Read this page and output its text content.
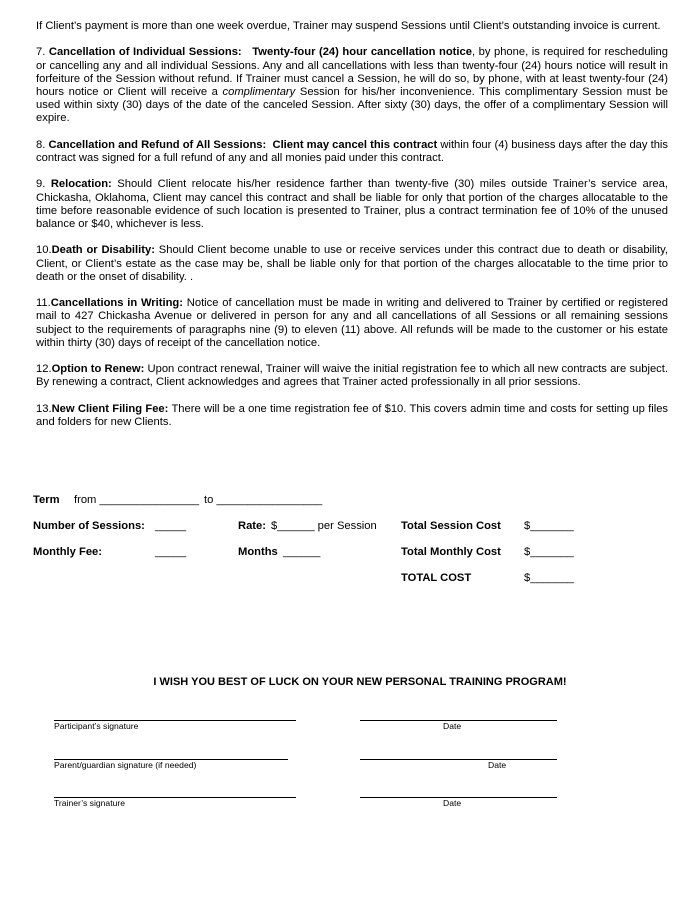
If Client’s payment is more than one week overdue, Trainer may suspend Sessions until Client’s outstanding invoice is current.

7. Cancellation of Individual Sessions: Twenty-four (24) hour cancellation notice, by phone, is required for rescheduling or cancelling any and all individual Sessions. Any and all cancellations with less than twenty-four (24) hours notice will result in forfeiture of the Session without refund. If Trainer must cancel a Session, he will do so, by phone, with at least twenty-four (24) hours notice or Client will receive a complimentary Session for his/her inconvenience. This complimentary Session must be used within sixty (30) days of the date of the canceled Session. After sixty (30) days, the offer of a complimentary Session will expire.

8. Cancellation and Refund of All Sessions: Client may cancel this contract within four (4) business days after the day this contract was signed for a full refund of any and all monies paid under this contract.

9. Relocation: Should Client relocate his/her residence farther than twenty-five (30) miles outside Trainer’s service area, Chickasha, Oklahoma, Client may cancel this contract and shall be liable for only that portion of the charges allocatable to the time before reasonable evidence of such location is presented to Trainer, plus a contract termination fee of 10% of the unused balance or $40, whichever is less.

10.Death or Disability: Should Client become unable to use or receive services under this contract due to death or disability, Client, or Client’s estate as the case may be, shall be liable only for that portion of the charges allocatable to the time prior to death or the onset of disability. .

11.Cancellations in Writing: Notice of cancellation must be made in writing and delivered to Trainer by certified or registered mail to 427 Chickasha Avenue or delivered in person for any and all cancellations of all Sessions or all remaining sessions subject to the requirements of paragraphs nine (9) to eleven (11) above. All refunds will be made to the customer or his estate within thirty (30) days of receipt of the cancellation notice.

12.Option to Renew: Upon contract renewal, Trainer will waive the initial registration fee to which all new contracts are subject. By renewing a contract, Client acknowledges and agrees that Trainer acted professionally in all prior sessions.

13.New Client Filing Fee: There will be a one time registration fee of $10. This covers admin time and costs for setting up files and folders for new Clients.

Term from ________________ to _________________
Number of Sessions: _____	Rate: $______ per Session Total Session Cost $_______
Monthly Fee:	_____	Months ______	Total Monthly Cost $_______
TOTAL COST	$_______
I WISH YOU BEST OF LUCK ON YOUR NEW PERSONAL TRAINING PROGRAM!
Participant’s signature	Date
Parent/guardian signature (if needed)	Date
Trainer’s signature	Date
